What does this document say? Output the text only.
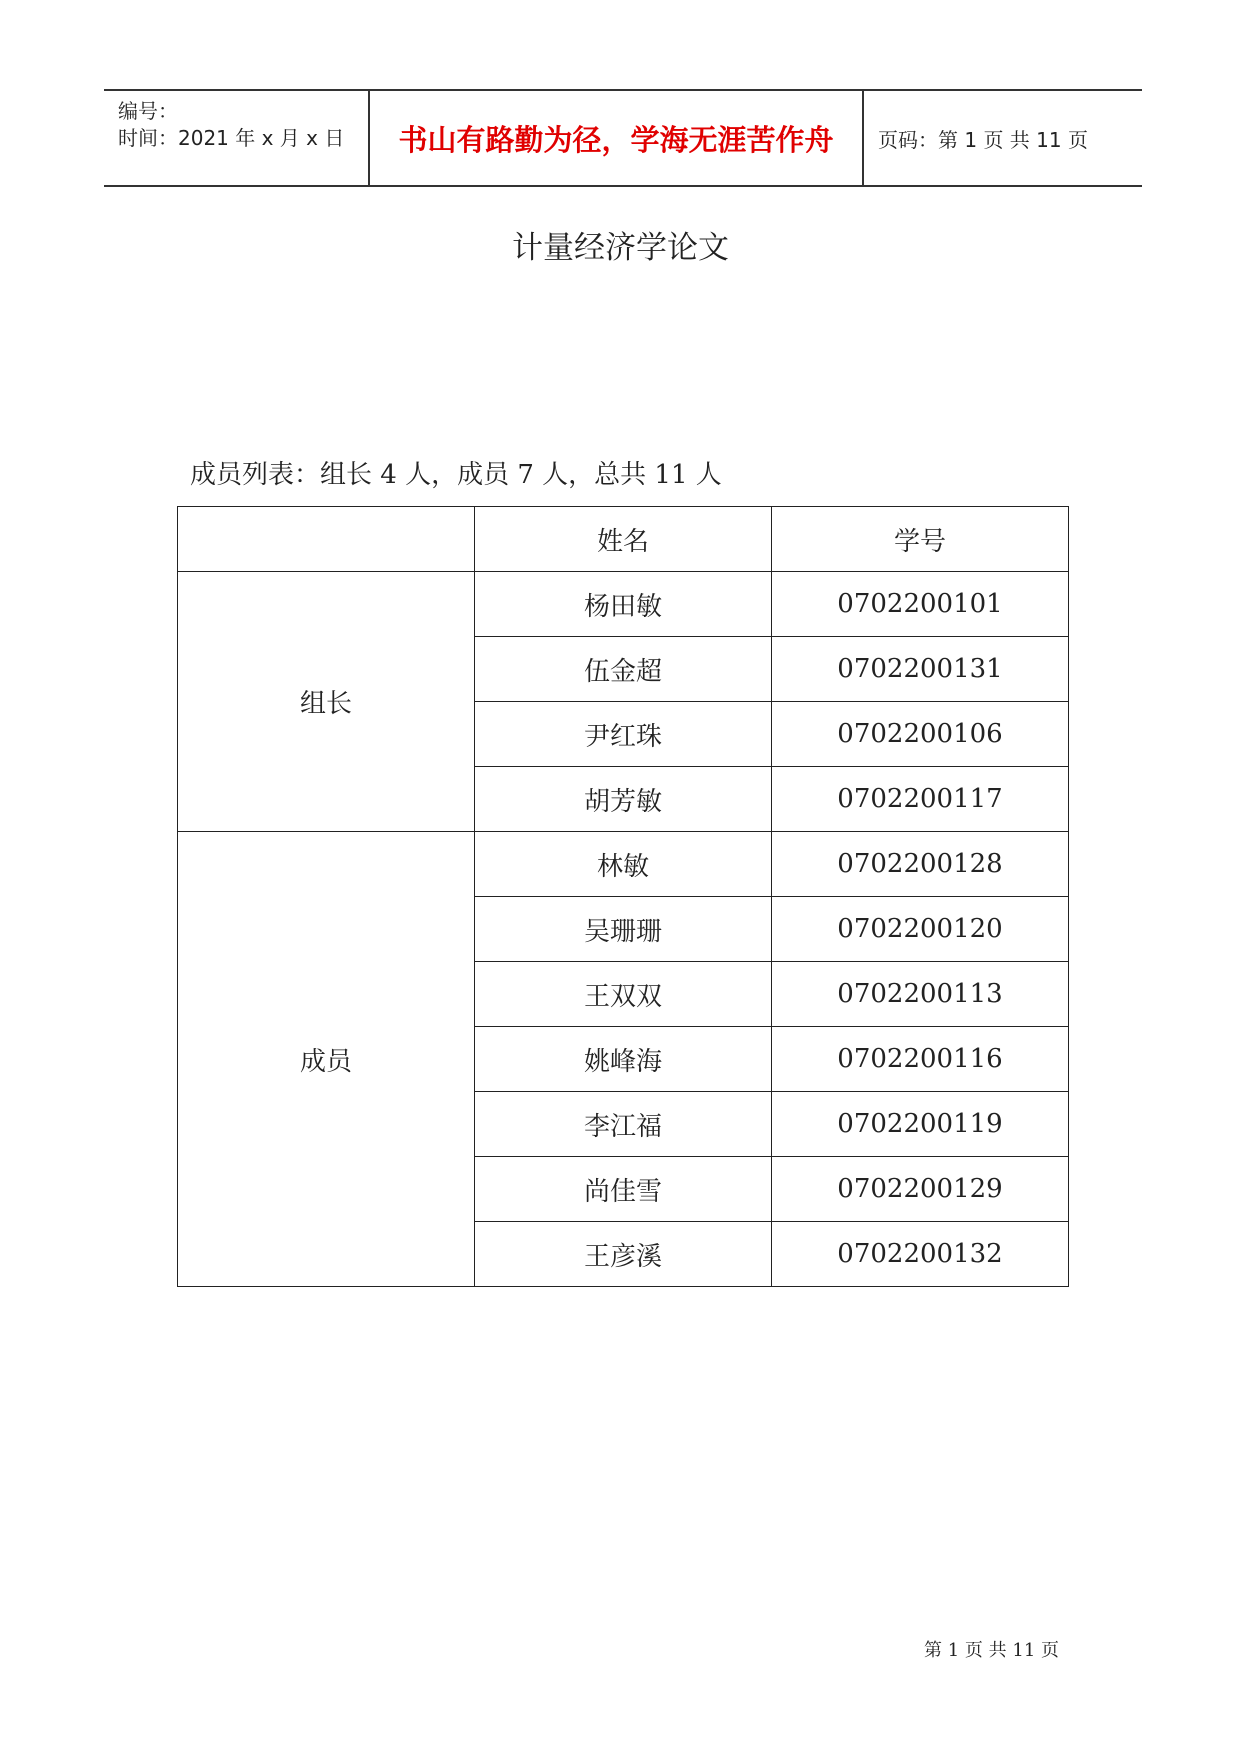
编号：
时间：2021 年 x 月 x 日	书山有路勤为径，学海无涯苦作舟	页码：第 1 页 共 11 页
计量经济学论文
成员列表：组长 4 人，成员 7 人，总共 11 人
	姓名	学号
组长	杨田敏	0702200101
	伍金超	0702200131
	尹红珠	0702200106
	胡芳敏	0702200117
成员	林敏	0702200128
	吴珊珊	0702200120
	王双双	0702200113
	姚峰海	0702200116
	李江福	0702200119
	尚佳雪	0702200129
	王彦溪	0702200132
第 1 页 共 11 页
